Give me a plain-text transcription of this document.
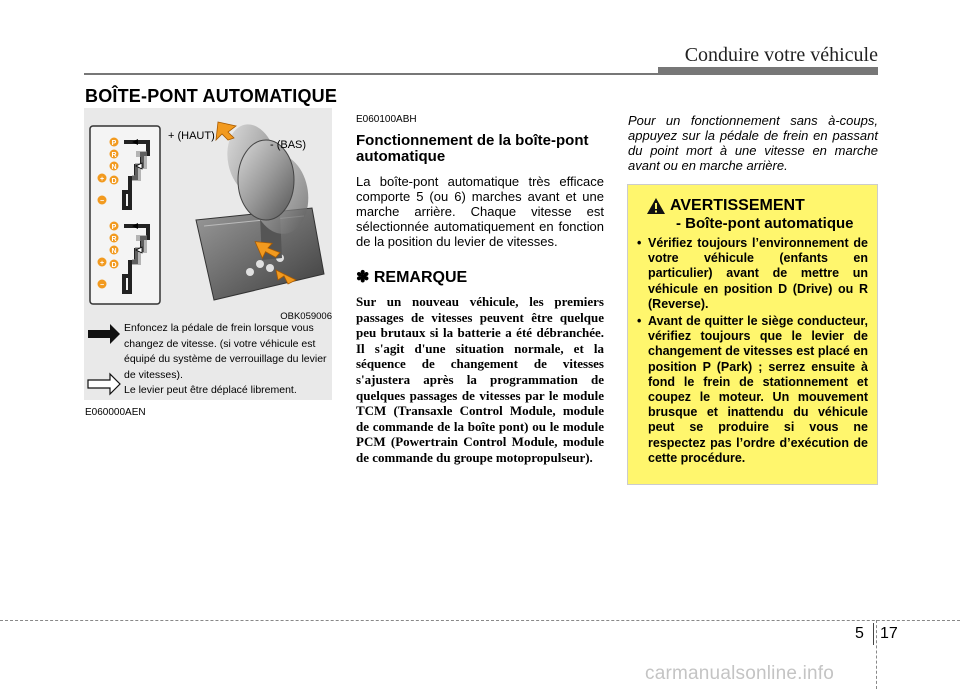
Conduire votre véhicule
BOÎTE-PONT AUTOMATIQUE
P
R
N
D
+
−
P
R
N
D
+
−
+ (HAUT)
- (BAS)
OBK059006
Enfoncez la pédale de frein lorsque vous changez de vitesse. (si votre véhicule est équipé du système de verrouillage du levier de vitesses).
Le levier peut être déplacé librement.
E060000AEN
E060100ABH
Fonctionnement de la boîte-pont automatique
La boîte-pont automatique très efficace comporte 5 (ou 6) marches avant et une marche arrière. Chaque vitesse est sélectionnée automatiquement en fonction de la position du levier de vitesses.
✽ REMARQUE
Sur un nouveau véhicule, les premiers passages de vitesses peuvent être quelque peu brutaux si la batterie a été débranchée. Il s'agit d'une situation normale, et la séquence de changement de vitesses s'ajustera après la programmation de quelques passages de vitesses par le module TCM (Transaxle Control Module, module de commande de la boîte pont) ou le module PCM (Powertrain Control Module, module de commande du groupe motopropulseur).
Pour un fonctionnement sans à-coups, appuyez sur la pédale de frein en passant du point mort à une vitesse en marche avant ou en marche arrière.
AVERTISSEMENT
- Boîte-pont automatique
• Vérifiez toujours l’environnement de votre véhicule (enfants en particulier) avant de mettre un véhicule en position D (Drive) ou R (Reverse).
• Avant de quitter le siège conducteur, vérifiez toujours que le levier de changement de vitesses est placé en position P (Park) ; serrez ensuite à fond le frein de stationnement et coupez le moteur. Un mouvement brusque et inattendu du véhicule peut se produire si vous ne respectez pas l’ordre d’exécution de cette procédure.
5 17
carmanualsonline.info
